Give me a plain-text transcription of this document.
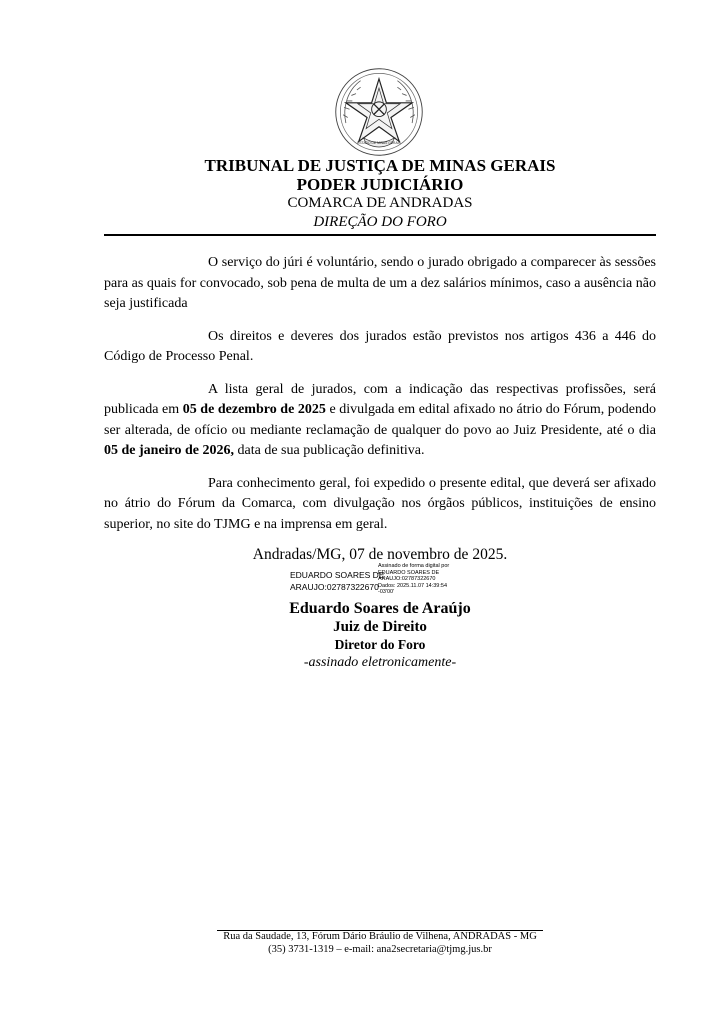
ESTADO DE MINAS GERAIS
TRIBUNAL DE JUSTIÇA DE MINAS GERAIS
PODER JUDICIÁRIO
COMARCA DE ANDRADAS
DIREÇÃO DO FORO

O serviço do júri é voluntário, sendo o jurado obrigado a comparecer às sessões para as quais for convocado, sob pena de multa de um a dez salários mínimos, caso a ausência não seja justificada

Os direitos e deveres dos jurados estão previstos nos artigos 436 a 446 do Código de Processo Penal.

A lista geral de jurados, com a indicação das respectivas profissões, será publicada em 05 de dezembro de 2025 e divulgada em edital afixado no átrio do Fórum, podendo ser alterada, de ofício ou mediante reclamação de qualquer do povo ao Juiz Presidente, até o dia 05 de janeiro de 2026, data de sua publicação definitiva.

Para conhecimento geral, foi expedido o presente edital, que deverá ser afixado no átrio do Fórum da Comarca, com divulgação nos órgãos públicos, instituições de ensino superior, no site do TJMG e na imprensa em geral.

Andradas/MG, 07 de novembro de 2025.
EDUARDO SOARES DE
ARAUJO:02787322670
Assinado de forma digital por
EDUARDO SOARES DE
ARAUJO:02787322670
Dados: 2025.11.07 14:39:54
-03'00'
Eduardo Soares de Araújo
Juiz de Direito
Diretor do Foro
-assinado eletronicamente-
Rua da Saudade, 13, Fórum Dário Bráulio de Vilhena, ANDRADAS - MG
(35) 3731-1319 – e-mail: ana2secretaria@tjmg.jus.br
